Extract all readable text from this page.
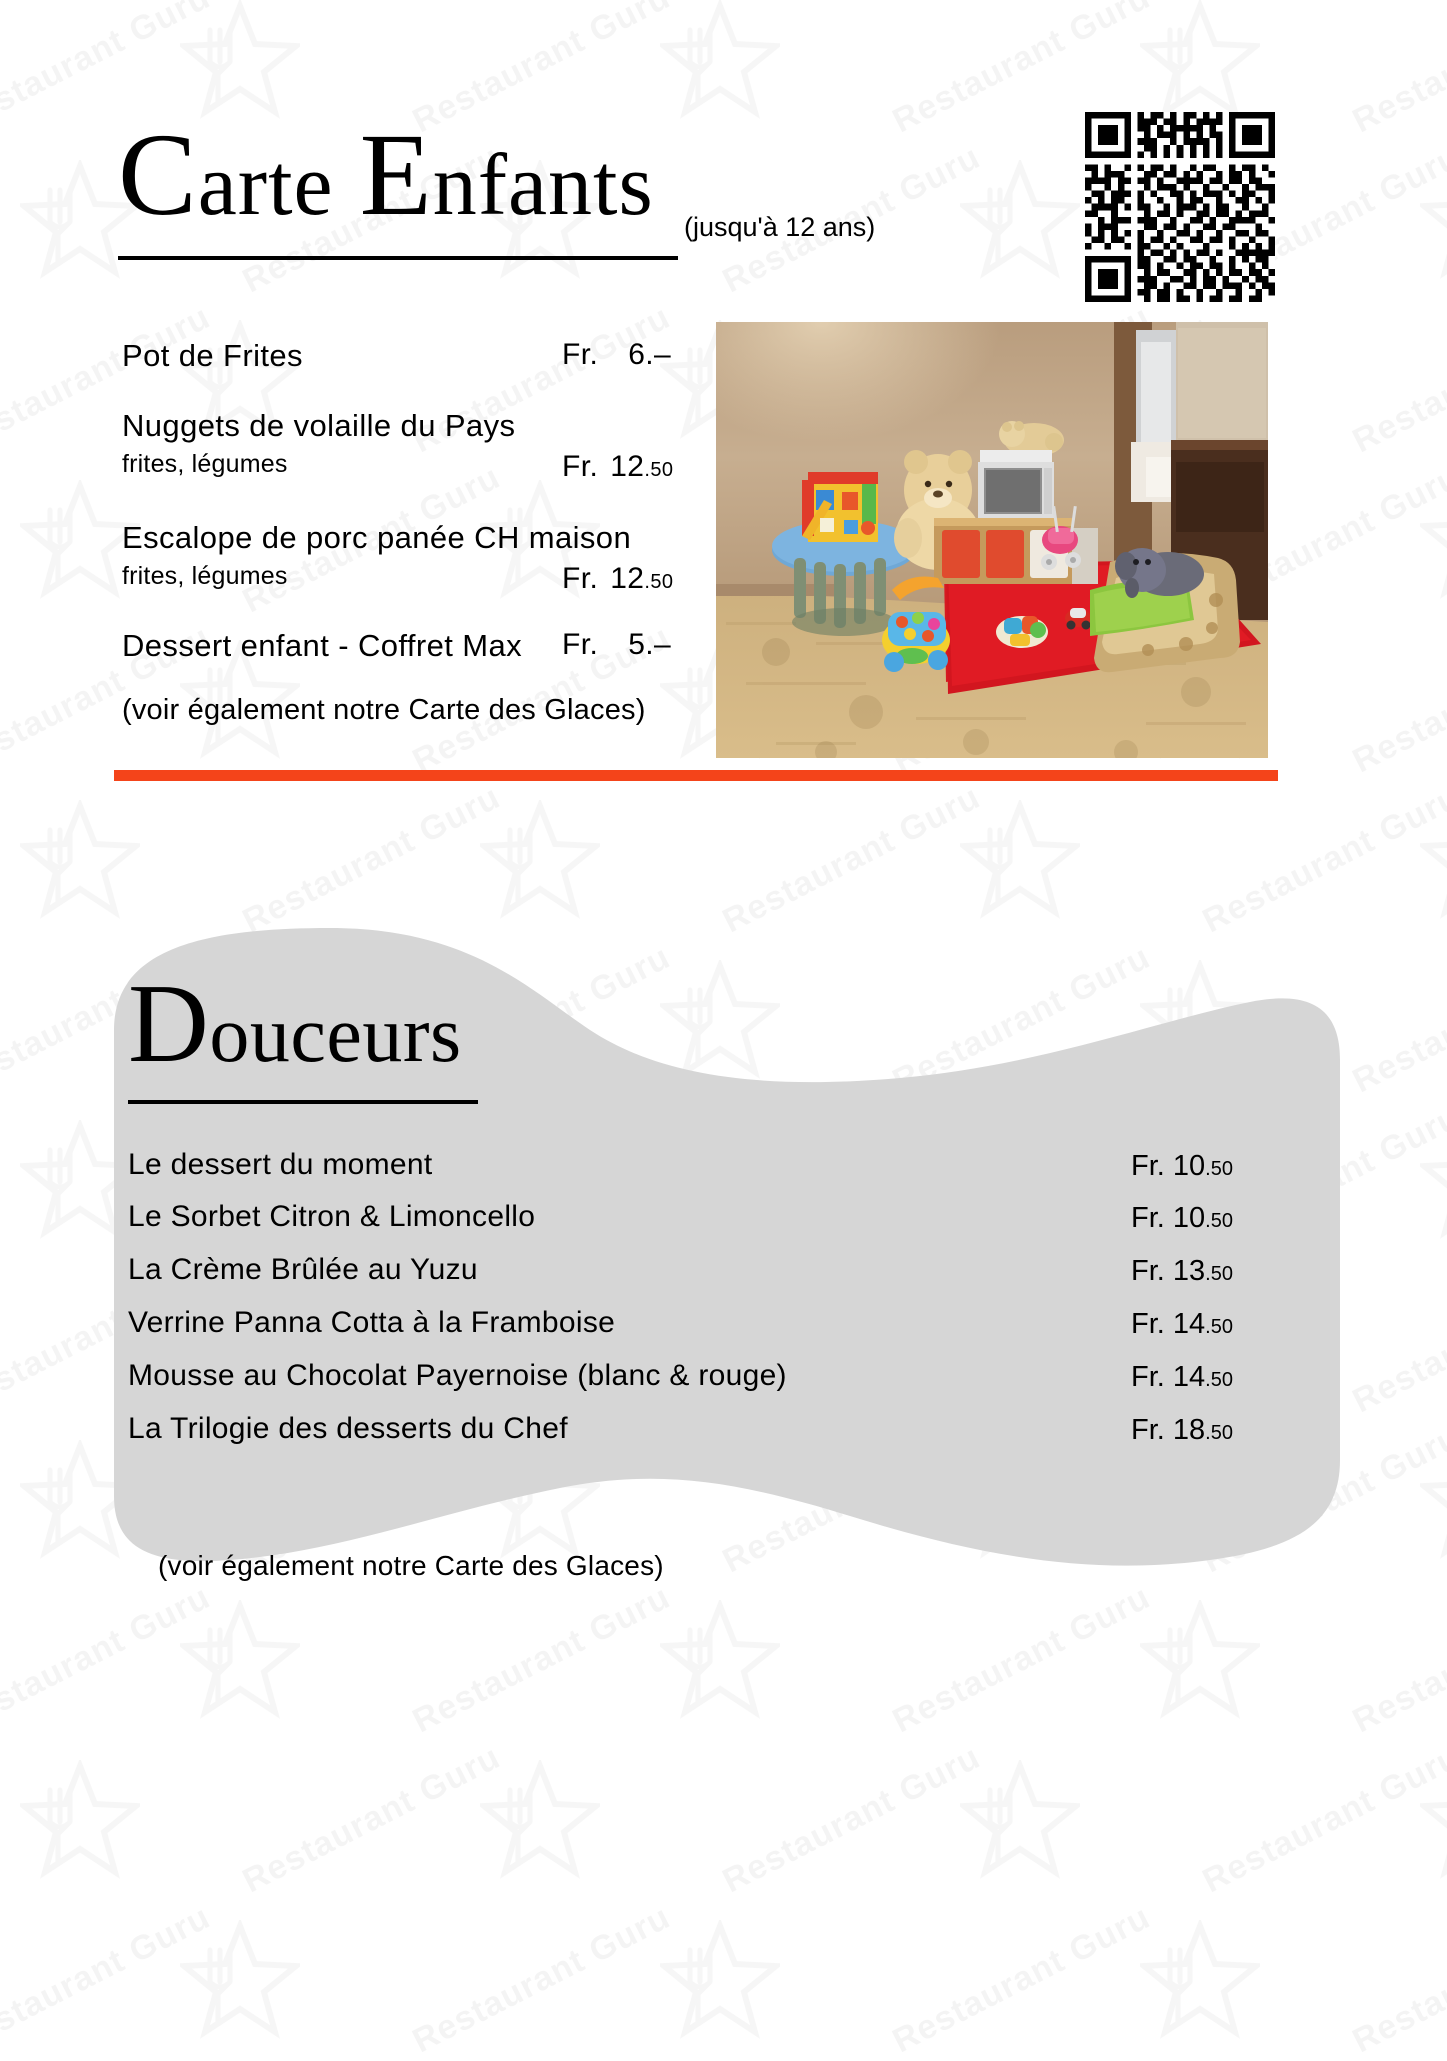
Carte Enfants	(jusqu'à 12 ans)
Pot de Frites	Fr. 6.–
Nuggets de volaille du Pays
frites, légumes	Fr. 12.50
Escalope de porc panée CH maison
frites, légumes	Fr. 12.50
Dessert enfant - Coffret Max Fr. 5.–
(voir également notre Carte des Glaces)
Douceurs
Le dessert du moment	Fr. 10.50
Le Sorbet Citron & Limoncello	Fr. 10.50
La Crème Brûlée au Yuzu	Fr. 13.50
Verrine Panna Cotta à la Framboise	Fr. 14.50
Mousse au Chocolat Payernoise (blanc & rouge)	Fr. 14.50
La Trilogie des desserts du Chef	Fr. 18.50
(voir également notre Carte des Glaces)
